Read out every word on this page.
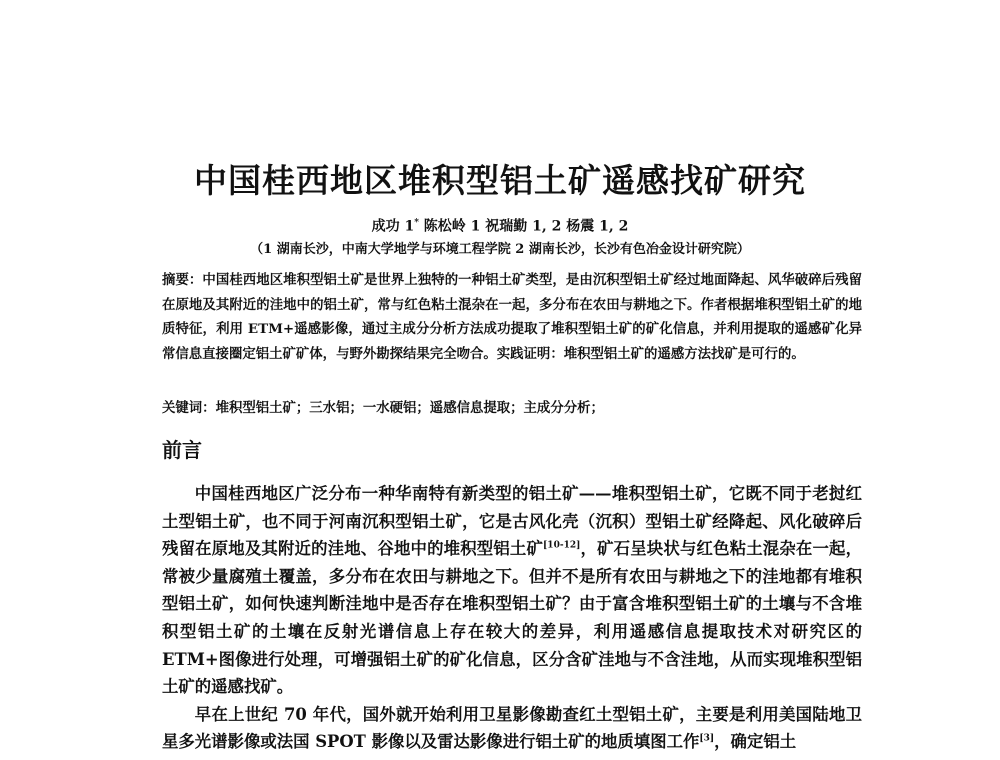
中国桂西地区堆积型铝土矿遥感找矿研究
成功 1* 陈松岭 1 祝瑞勤 1, 2 杨震 1, 2
（1 湖南长沙，中南大学地学与环境工程学院 2 湖南长沙，长沙有色冶金设计研究院）

摘要：中国桂西地区堆积型铝土矿是世界上独特的一种铝土矿类型，是由沉积型铝土矿经过地面降起、风华破碎后残留在原地及其附近的洼地中的铝土矿，常与红色粘土混杂在一起，多分布在农田与耕地之下。作者根据堆积型铝土矿的地质特征，利用 ETM+遥感影像，通过主成分分析方法成功提取了堆积型铝土矿的矿化信息，并利用提取的遥感矿化异常信息直接圈定铝土矿矿体，与野外勘探结果完全吻合。实践证明：堆积型铝土矿的遥感方法找矿是可行的。

关键词：堆积型铝土矿；三水铝；一水硬铝；遥感信息提取；主成分分析；

前言

中国桂西地区广泛分布一种华南特有新类型的铝土矿——堆积型铝土矿，它既不同于老挝红土型铝土矿，也不同于河南沉积型铝土矿，它是古风化壳（沉积）型铝土矿经降起、风化破碎后残留在原地及其附近的洼地、谷地中的堆积型铝土矿[10-12]，矿石呈块状与红色粘土混杂在一起，常被少量腐殖土覆盖，多分布在农田与耕地之下。但并不是所有农田与耕地之下的洼地都有堆积型铝土矿，如何快速判断洼地中是否存在堆积型铝土矿？由于富含堆积型铝土矿的土壤与不含堆积型铝土矿的土壤在反射光谱信息上存在较大的差异，利用遥感信息提取技术对研究区的 ETM+图像进行处理，可增强铝土矿的矿化信息，区分含矿洼地与不含洼地，从而实现堆积型铝土矿的遥感找矿。

早在上世纪 70 年代，国外就开始利用卫星影像勘查红土型铝土矿，主要是利用美国陆地卫星多光谱影像或法国 SPOT 影像以及雷达影像进行铝土矿的地质填图工作[3]，确定铝土
